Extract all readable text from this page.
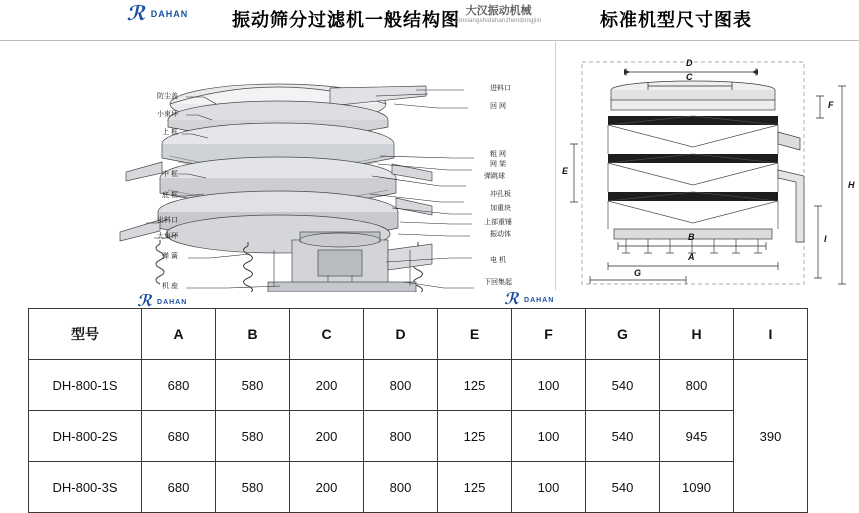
ℛ DAHAN 振动筛分过滤机一般结构图 大汉振动机械
xinxiangshidahanzhendongjixi	标准机型尺寸图表
防尘盖
小束环
上 框
中 框
底 框
出料口
大束环
弹 簧
机 座
进料口
回 网
粗 网
网 架
弹跳球
冲孔板
加重块
上部重锤
振动体
电 机
下回集起
ℛ DAHAN	ℛ DAHAN
D
C
F
E
H
I
B
A
G
型号	A	B	C	D	E	F	G	H	I
DH-800-1S	680	580	200	800	125	100	540	800	390
DH-800-2S	680	580	200	800	125	100	540	945	
DH-800-3S	680	580	200	800	125	100	540	1090	
